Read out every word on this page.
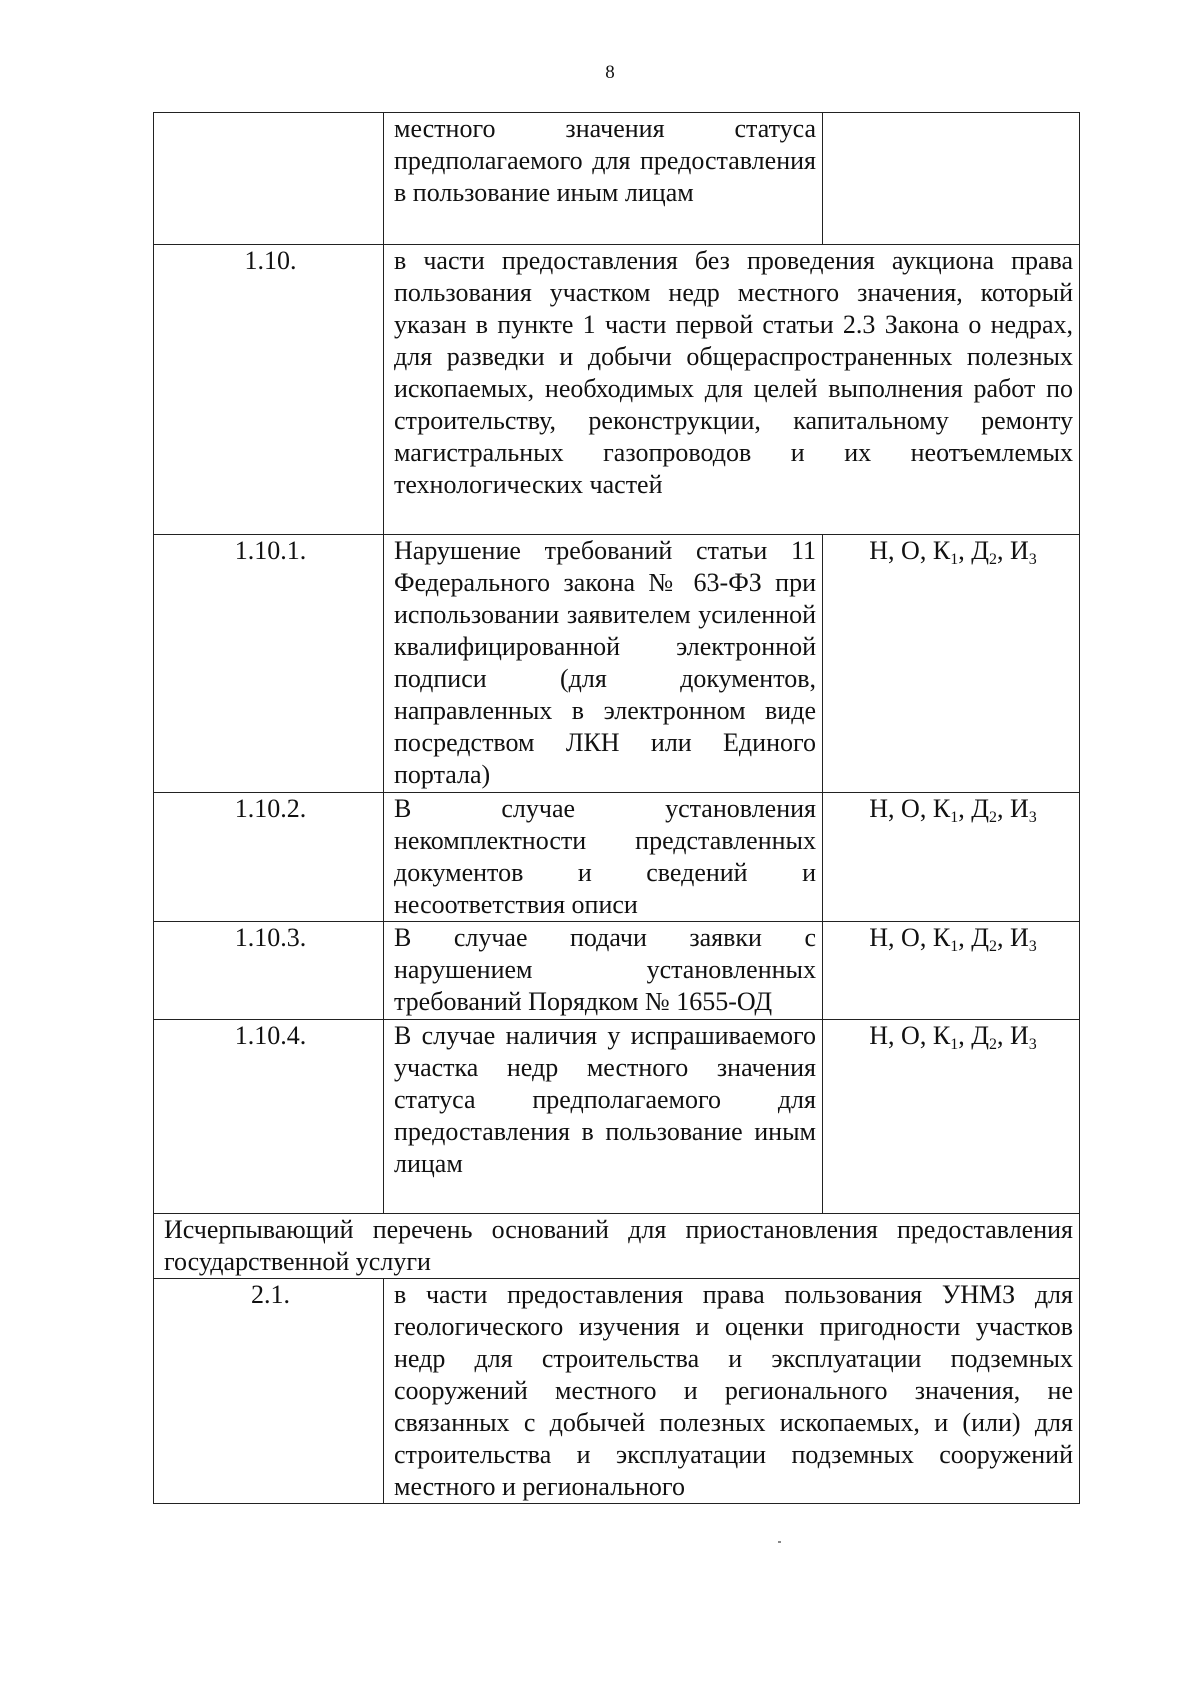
8
	местного значения статуса предполагаемого для предоставления в пользование иным лицам	
1.10.	в части предоставления без проведения аукциона права пользования участком недр местного значения, который указан в пункте 1 части первой статьи 2.3 Закона о недрах, для разведки и добычи общераспространенных полезных ископаемых, необходимых для целей выполнения работ по строительству, реконструкции, капитальному ремонту магистральных газопроводов и их неотъемлемых технологических частей	
1.10.1.	Нарушение требований статьи 11 Федерального закона № 63-ФЗ при использовании заявителем усиленной квалифицированной электронной подписи (для документов, направленных в электронном виде посредством ЛКН или Единого портала)	Н, О, $К_1$, $Д_2$, $И_3$
1.10.2.	В случае установления некомплектности представленных документов и сведений и несоответствия описи	Н, О, $К_1$, $Д_2$, $И_3$
1.10.3.	В случае подачи заявки с нарушением установленных требований Порядком № 1655-ОД	Н, О, $К_1$, $Д_2$, $И_3$
1.10.4.	В случае наличия у испрашиваемого участка недр местного значения статуса предполагаемого для предоставления в пользование иным лицам	Н, О, $К_1$, $Д_2$, $И_3$
Исчерпывающий перечень оснований для приостановления предоставления государственной услуги		
2.1.	в части предоставления права пользования УНМЗ для геологического изучения и оценки пригодности участков недр для строительства и эксплуатации подземных сооружений местного и регионального значения, не связанных с добычей полезных ископаемых, и (или) для строительства и эксплуатации подземных сооружений местного и регионального	
